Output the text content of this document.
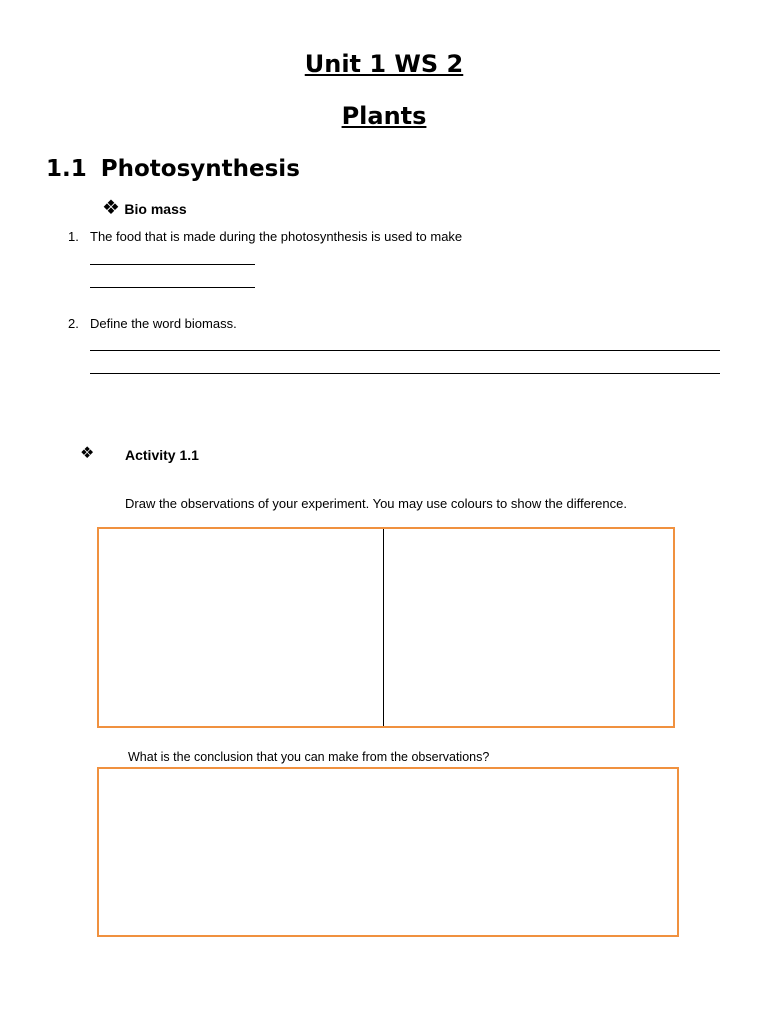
Unit 1 WS 2
Plants
1.1 Photosynthesis
❖ Bio mass
1. The food that is made during the photosynthesis is used to make
2. Define the word biomass.
❖ Activity 1.1
Draw the observations of your experiment. You may use colours to show the difference.
What is the conclusion that you can make from the observations?
